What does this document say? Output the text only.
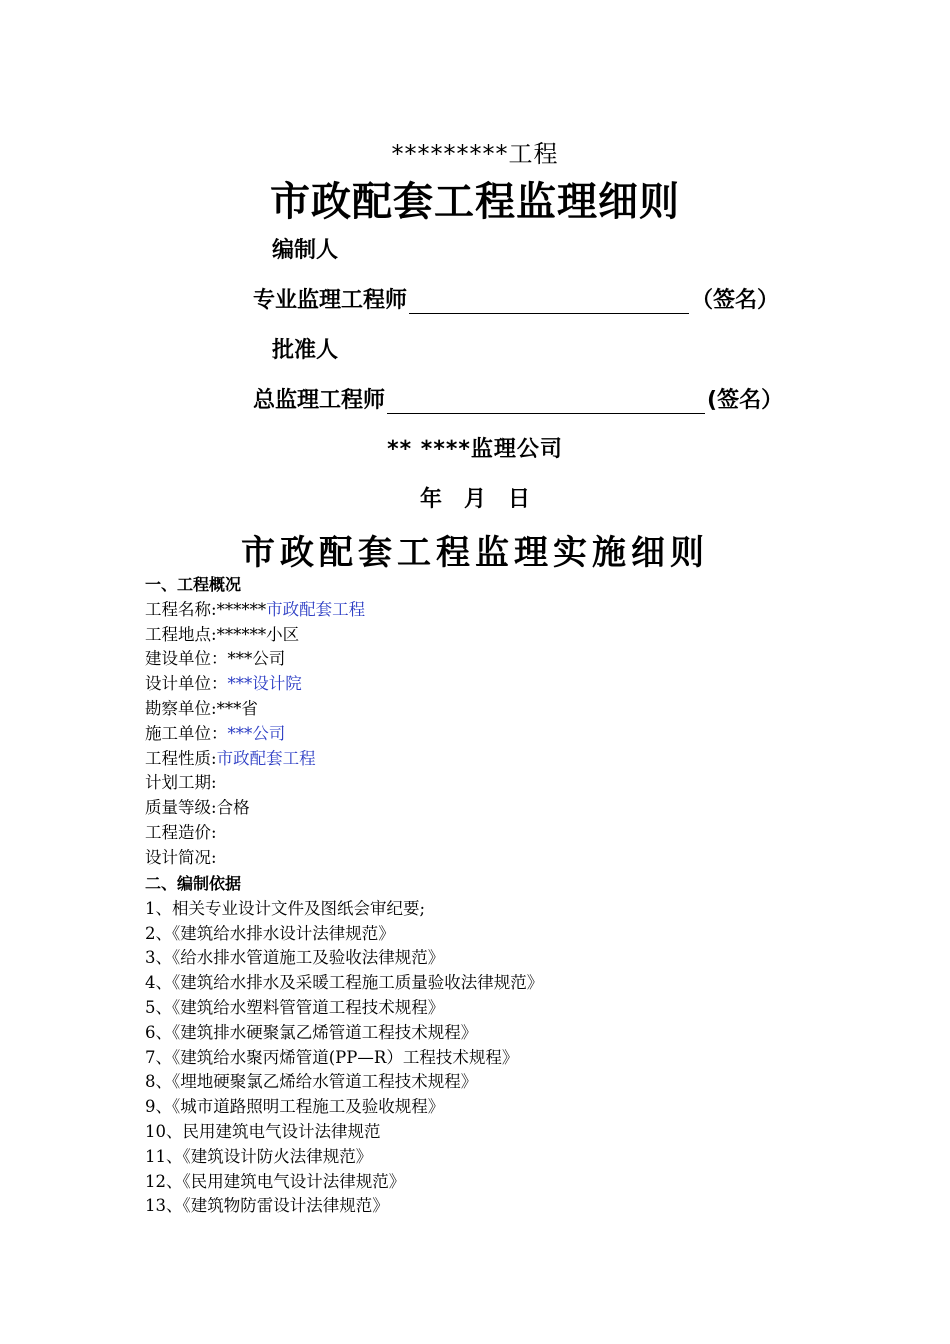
*********工程
市政配套工程监理细则
编制人
专业监理工程师	（签名）
批准人
总监理工程师	(签名）
** ****监理公司
年　月　日
市政配套工程监理实施细则
一、工程概况
工程名称:******市政配套工程
工程地点:******小区
建设单位：***公司
设计单位：***设计院
勘察单位:***省
施工单位：***公司
工程性质:市政配套工程
计划工期:
质量等级:合格
工程造价:
设计简况:
二、编制依据
1、相关专业设计文件及图纸会审纪要;
2、《建筑给水排水设计法律规范》
3、《给水排水管道施工及验收法律规范》
4、《建筑给水排水及采暖工程施工质量验收法律规范》
5、《建筑给水塑料管管道工程技术规程》
6、《建筑排水硬聚氯乙烯管道工程技术规程》
7、《建筑给水聚丙烯管道(PP—R）工程技术规程》
8、《埋地硬聚氯乙烯给水管道工程技术规程》
9、《城市道路照明工程施工及验收规程》
10、民用建筑电气设计法律规范
11、《建筑设计防火法律规范》
12、《民用建筑电气设计法律规范》
13、《建筑物防雷设计法律规范》
